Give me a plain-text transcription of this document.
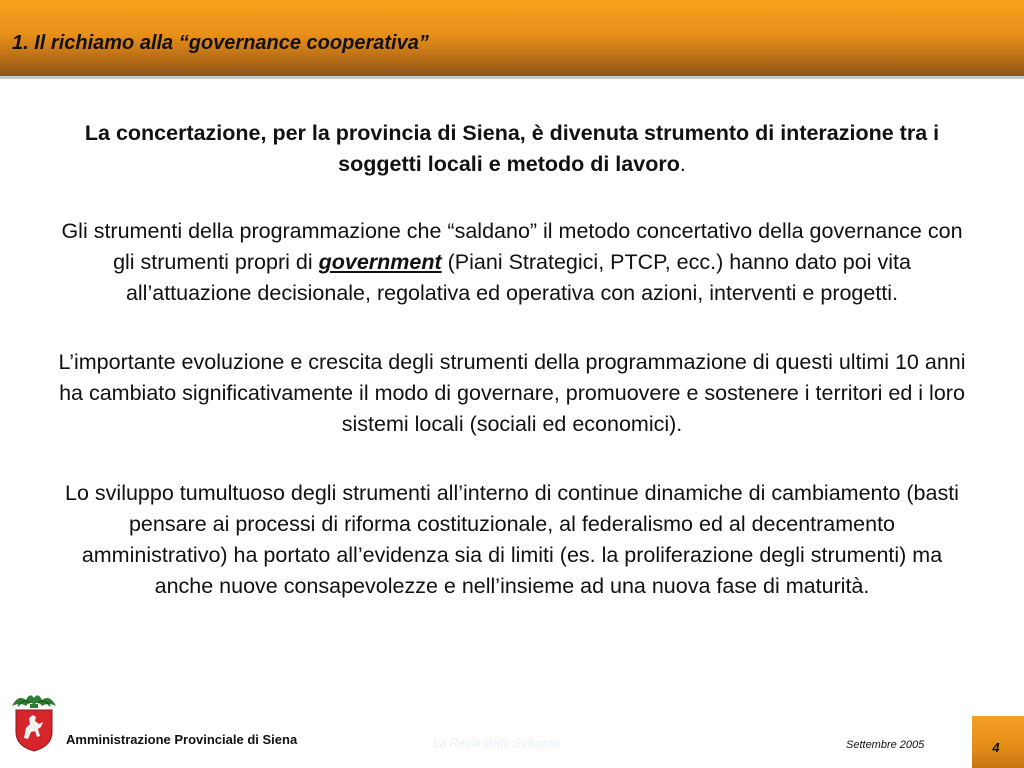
1. Il richiamo alla “governance cooperativa”

La concertazione, per la provincia di Siena, è divenuta strumento di interazione tra i soggetti locali e metodo di lavoro.

Gli strumenti della programmazione che “saldano” il metodo concertativo della governance con gli strumenti propri di government (Piani Strategici, PTCP, ecc.) hanno dato poi vita all’attuazione decisionale, regolativa ed operativa con azioni, interventi e progetti.

L’importante evoluzione e crescita degli strumenti della programmazione di questi ultimi 10 anni ha cambiato significativamente il modo di governare, promuovere e sostenere i territori ed i loro sistemi locali (sociali ed economici).

Lo sviluppo tumultuoso degli strumenti all’interno di continue dinamiche di cambiamento (basti pensare ai processi di riforma costituzionale, al federalismo ed al decentramento amministrativo) ha portato all’evidenza sia di limiti (es. la proliferazione degli strumenti) ma anche nuove consapevolezze e nell’insieme ad una nuova fase di maturità.

Amministrazione Provinciale di Siena	La Regia dello Sviluppo	Settembre 2005	4
